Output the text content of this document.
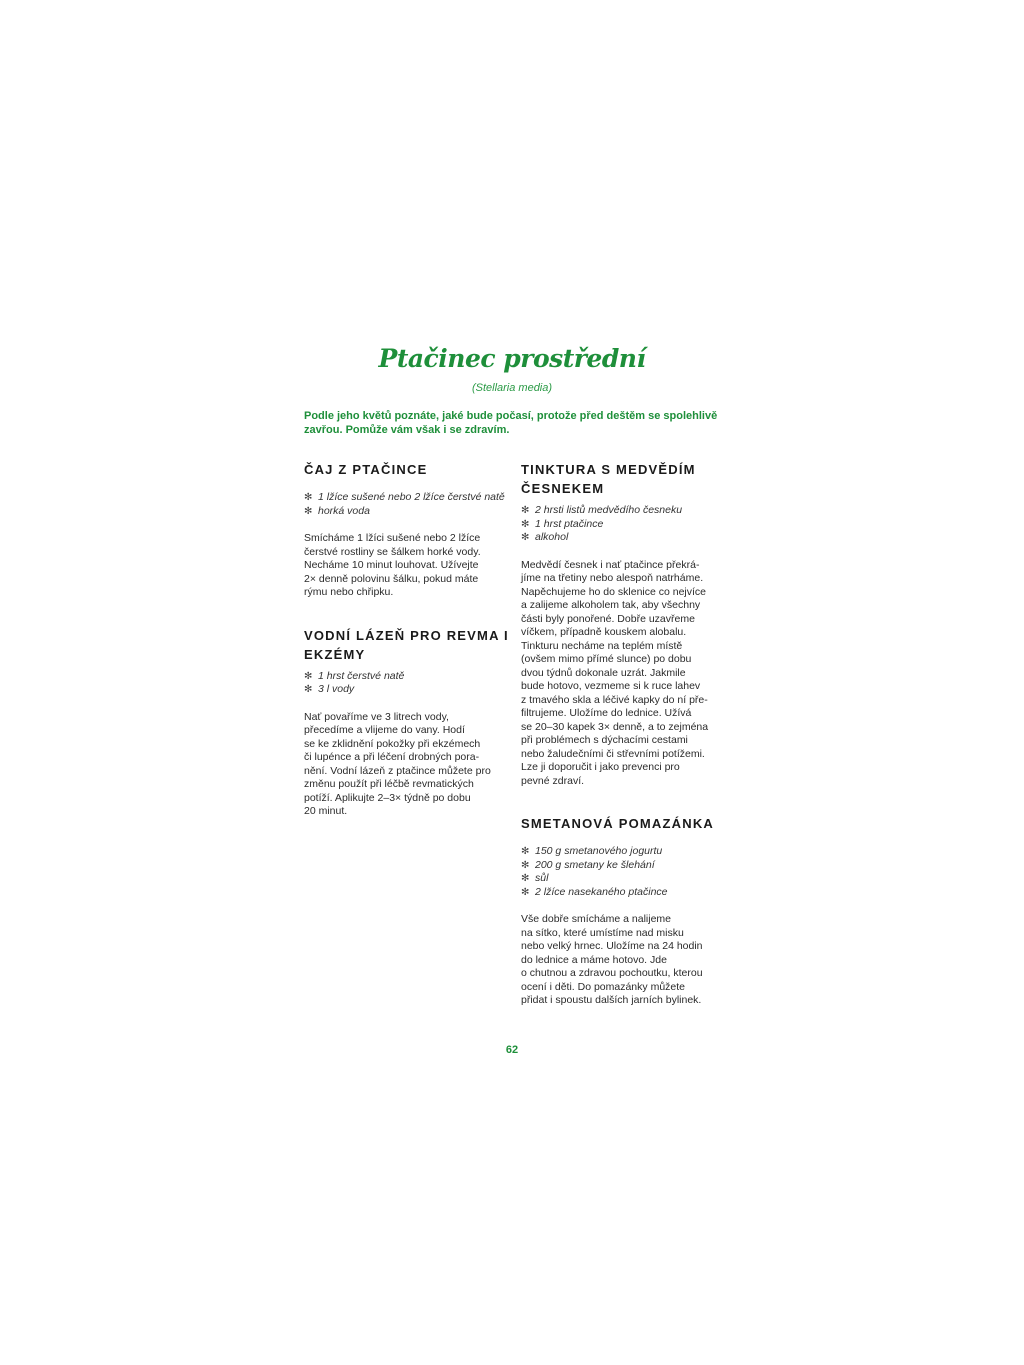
Ptačinec prostřední
(Stellaria media)
Podle jeho květů poznáte, jaké bude počasí, protože před deštěm se spolehlivě zavřou. Pomůže vám však i se zdravím.
ČAJ Z PTAČINCE
✻ 1 lžíce sušené nebo 2 lžíce čerstvé natě
✻ horká voda

Smícháme 1 lžíci sušené nebo 2 lžíce
čerstvé rostliny se šálkem horké vody.
Necháme 10 minut louhovat. Užívejte
2× denně polovinu šálku, pokud máte
rýmu nebo chřipku.

VODNÍ LÁZEŇ PRO REVMA I EKZÉMY
✻ 1 hrst čerstvé natě
✻ 3 l vody

Nať povaříme ve 3 litrech vody,
přecedíme a vlijeme do vany. Hodí
se ke zklidnění pokožky při ekzémech
či lupénce a při léčení drobných pora-
nění. Vodní lázeň z ptačince můžete pro
změnu použít při léčbě revmatických
potíží. Aplikujte 2–3× týdně po dobu
20 minut.

TINKTURA S MEDVĚDÍM ČESNEKEM
✻ 2 hrsti listů medvědího česneku
✻ 1 hrst ptačince
✻ alkohol

Medvědí česnek i nať ptačince překrá-
jíme na třetiny nebo alespoň natrháme.
Napěchujeme ho do sklenice co nejvíce
a zalijeme alkoholem tak, aby všechny
části byly ponořené. Dobře uzavřeme
víčkem, případně kouskem alobalu.
Tinkturu necháme na teplém místě
(ovšem mimo přímé slunce) po dobu
dvou týdnů dokonale uzrát. Jakmile
bude hotovo, vezmeme si k ruce lahev
z tmavého skla a léčivé kapky do ní pře-
filtrujeme. Uložíme do lednice. Užívá
se 20–30 kapek 3× denně, a to zejména
při problémech s dýchacími cestami
nebo žaludečními či střevními potížemi.
Lze ji doporučit i jako prevenci pro
pevné zdraví.

SMETANOVÁ POMAZÁNKA
✻ 150 g smetanového jogurtu
✻ 200 g smetany ke šlehání
✻ sůl
✻ 2 lžíce nasekaného ptačince

Vše dobře smícháme a nalijeme
na sítko, které umístíme nad misku
nebo velký hrnec. Uložíme na 24 hodin
do lednice a máme hotovo. Jde
o chutnou a zdravou pochoutku, kterou
ocení i děti. Do pomazánky můžete
přidat i spoustu dalších jarních bylinek.

62
